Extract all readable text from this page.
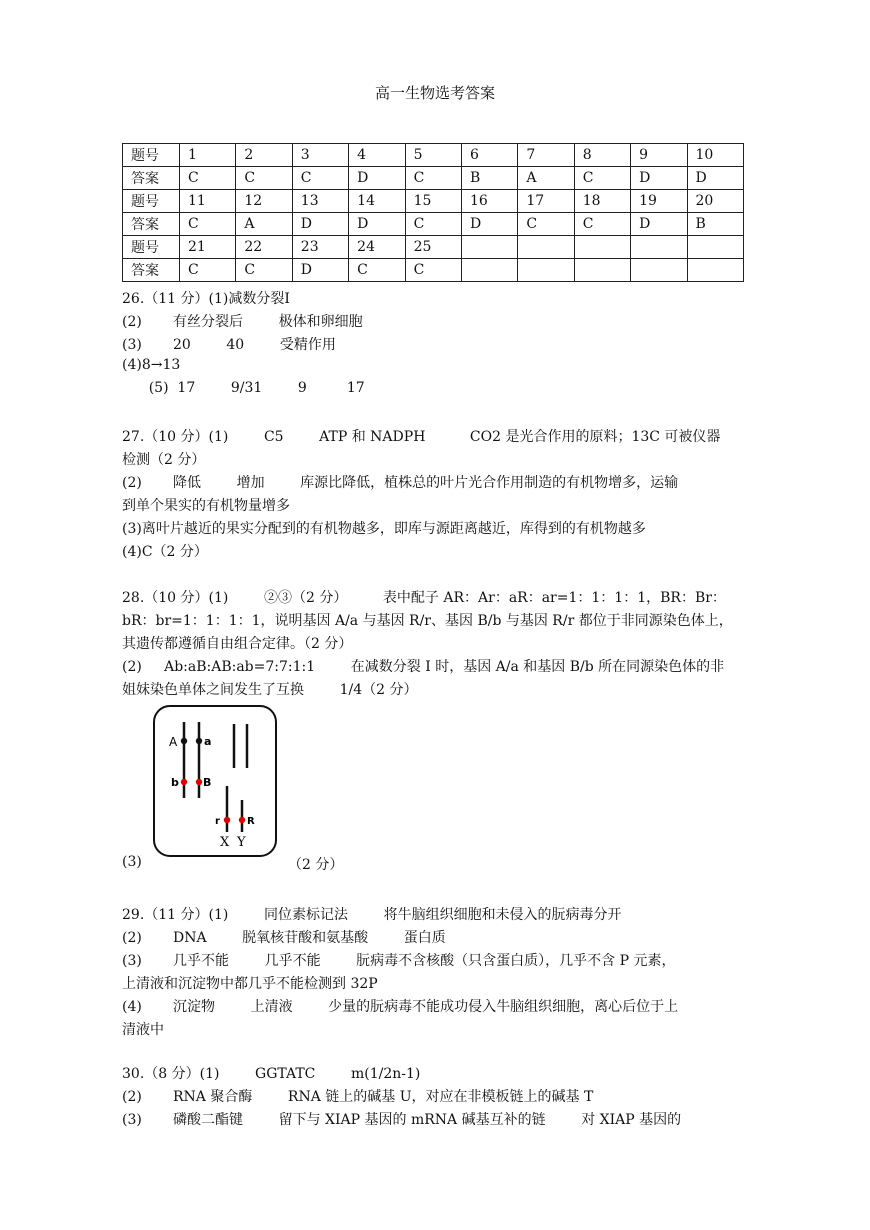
高一生物选考答案
题号	1	2	3	4	5	6	7	8	9	10
答案	C	C	C	D	C	B	A	C	D	D
题号	11	12	13	14	15	16	17	18	19	20
答案	C	A	D	D	C	D	C	C	D	B
题号	21	22	23	24	25					
答案	C	C	D	C	C					
26.（11 分）(1)减数分裂I
(2)       有丝分裂后        极体和卵细胞
(3)       20        40        受精作用
(4)8→13
(5)  17        9/31        9         17
27.（10 分）(1)        C5        ATP 和 NADPH          CO2 是光合作用的原料；13C 可被仪器
检测（2 分）
(2)       降低        增加        库源比降低，植株总的叶片光合作用制造的有机物增多，运输
到单个果实的有机物量增多
(3)离叶片越近的果实分配到的有机物越多，即库与源距离越近，库得到的有机物越多
(4)C（2 分）
28.（10 分）(1)        ②③（2 分）        表中配子 AR：Ar：aR：ar=1：1：1：1，BR：Br：
bR：br=1：1：1：1，说明基因 A/a 与基因 R/r、基因 B/b 与基因 R/r 都位于非同源染色体上，
其遗传都遵循自由组合定律。（2 分）
(2)     Ab:aB:AB:ab=7:7:1:1        在减数分裂 I 时，基因 A/a 和基因 B/b 所在同源染色体的非
姐妹染色单体之间发生了互换        1/4（2 分）
A a
b B
r	R
X Y
(3)	（2 分）
29.（11 分）(1)        同位素标记法        将牛脑组织细胞和未侵入的朊病毒分开
(2)       DNA        脱氧核苷酸和氨基酸        蛋白质
(3)       几乎不能        几乎不能        朊病毒不含核酸（只含蛋白质），几乎不含 P 元素，
上清液和沉淀物中都几乎不能检测到 32P
(4)       沉淀物        上清液        少量的朊病毒不能成功侵入牛脑组织细胞，离心后位于上
清液中
30.（8 分）(1)        GGTATC        m(1/2n-1)
(2)       RNA 聚合酶        RNA 链上的碱基 U，对应在非模板链上的碱基 T
(3)       磷酸二酯键        留下与 XIAP 基因的 mRNA 碱基互补的链        对 XIAP 基因的
